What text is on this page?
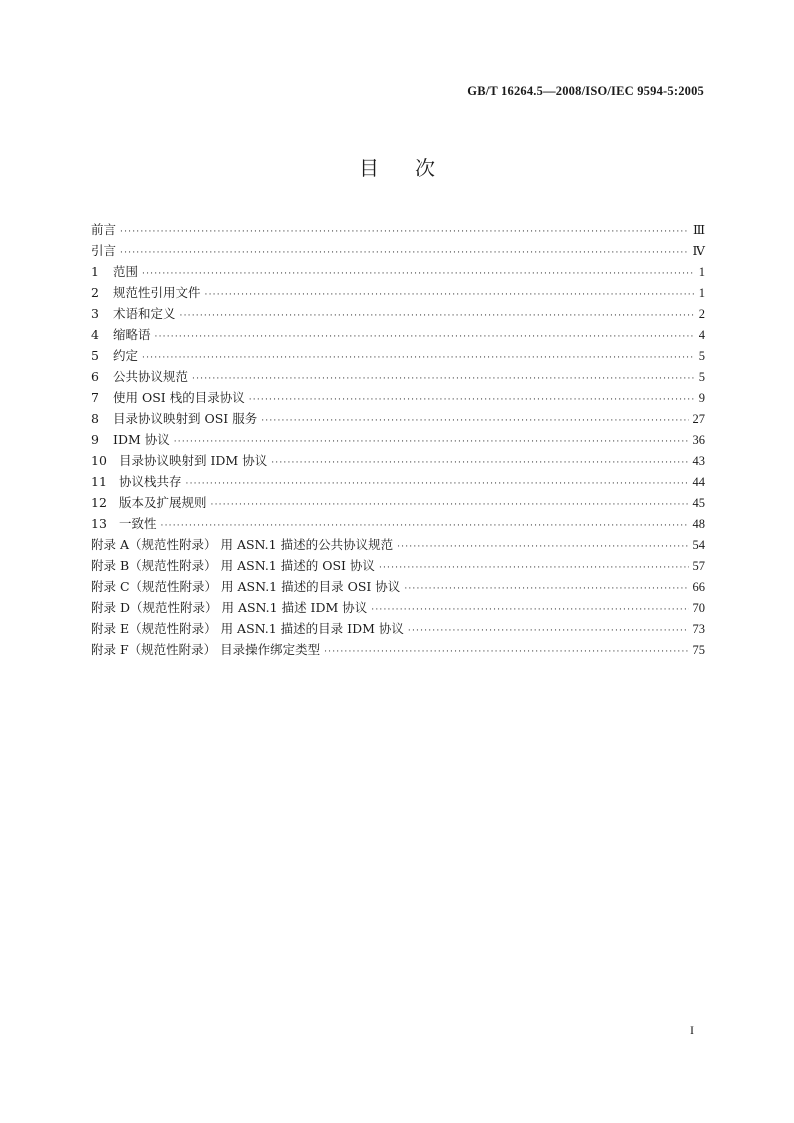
GB/T 16264.5—2008/ISO/IEC 9594-5:2005
目次
前言 ·····	Ⅲ
引言 ·····	Ⅳ
1 范围 ·····	1
2 规范性引用文件 ·····	1
3 术语和定义 ·····	2
4 缩略语 ·····	4
5 约定 ·····	5
6 公共协议规范 ·····	5
7 使用 OSI 栈的目录协议 ·····	9
8 目录协议映射到 OSI 服务 ·····	27
9 IDM 协议 ·····	36
10 目录协议映射到 IDM 协议 ·····	43
11 协议栈共存 ·····	44
12 版本及扩展规则 ·····	45
13 一致性 ·····	48
附录 A（规范性附录） 用 ASN.1 描述的公共协议规范 ·····	54
附录 B（规范性附录） 用 ASN.1 描述的 OSI 协议 ·····	57
附录 C（规范性附录） 用 ASN.1 描述的目录 OSI 协议 ·····	66
附录 D（规范性附录） 用 ASN.1 描述 IDM 协议 ·····	70
附录 E（规范性附录） 用 ASN.1 描述的目录 IDM 协议 ·····	73
附录 F（规范性附录） 目录操作绑定类型 ·····	75
I
